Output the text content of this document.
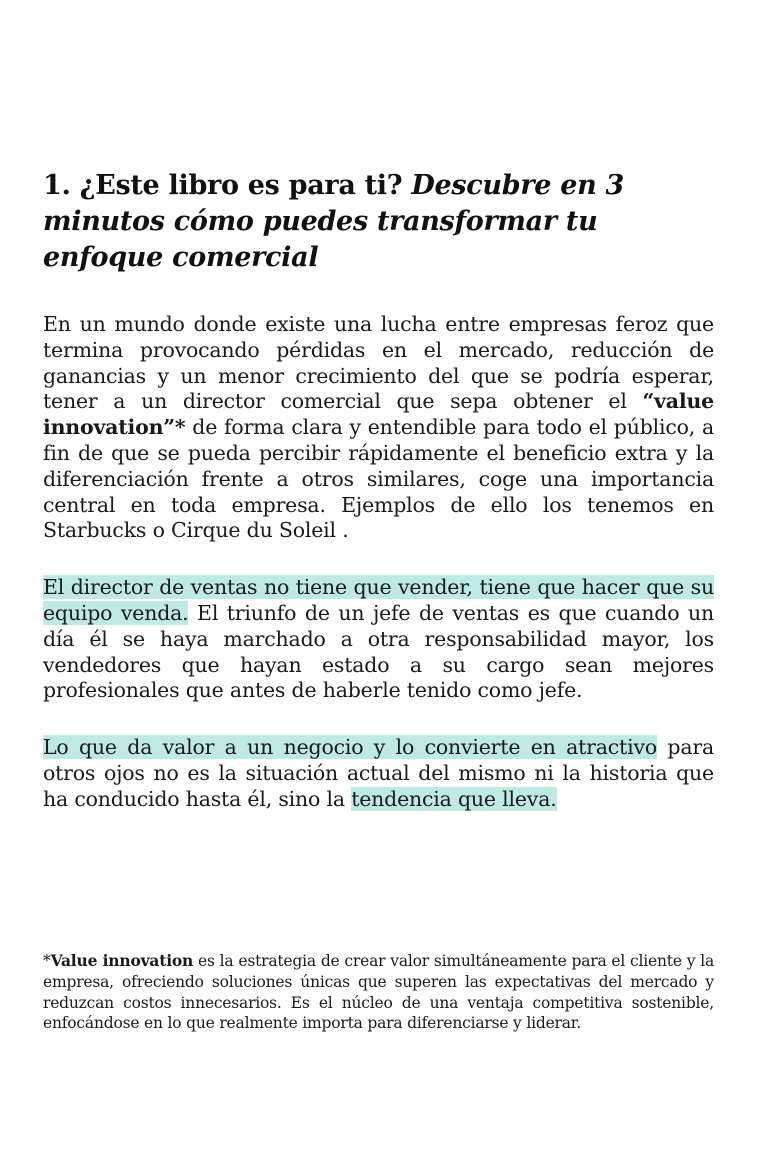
1. ¿Este libro es para ti? Descubre en 3 minutos cómo puedes transformar tu enfoque comercial

En un mundo donde existe una lucha entre empresas feroz que termina provocando pérdidas en el mercado, reducción de ganancias y un menor crecimiento del que se podría esperar, tener a un director comercial que sepa obtener el “value innovation”* de forma clara y entendible para todo el público, a fin de que se pueda percibir rápidamente el beneficio extra y la diferenciación frente a otros similares, coge una importancia central en toda empresa. Ejemplos de ello los tenemos en Starbucks o Cirque du Soleil .

El director de ventas no tiene que vender, tiene que hacer que su equipo venda. El triunfo de un jefe de ventas es que cuando un día él se haya marchado a otra responsabilidad mayor, los vendedores que hayan estado a su cargo sean mejores profesionales que antes de haberle tenido como jefe.

Lo que da valor a un negocio y lo convierte en atractivo para otros ojos no es la situación actual del mismo ni la historia que ha conducido hasta él, sino la tendencia que lleva.

*Value innovation es la estrategia de crear valor simultáneamente para el cliente y la empresa, ofreciendo soluciones únicas que superen las expectativas del mercado y reduzcan costos innecesarios. Es el núcleo de una ventaja competitiva sostenible, enfocándose en lo que realmente importa para diferenciarse y liderar.
